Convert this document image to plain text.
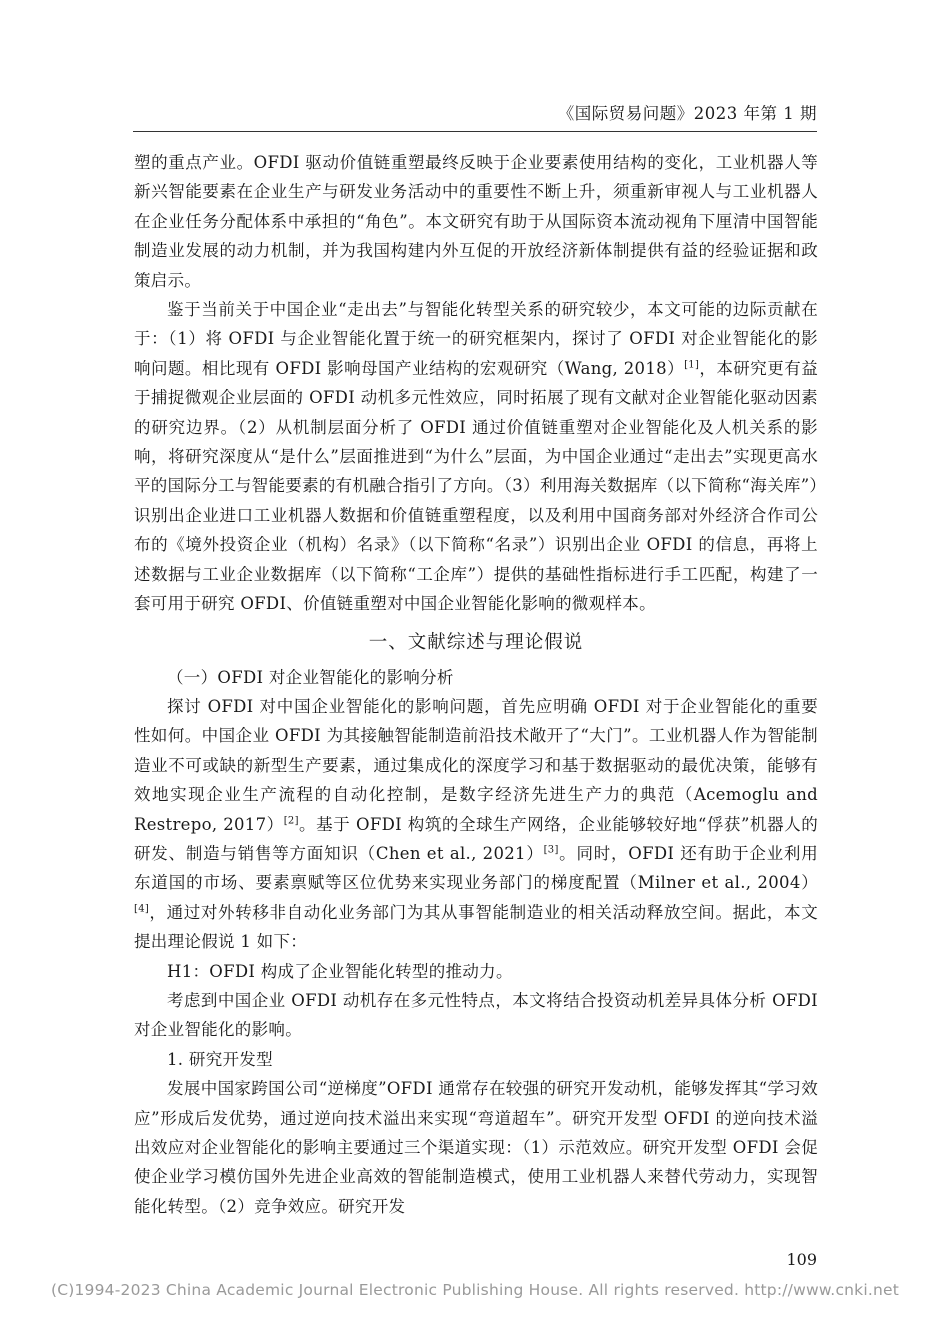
《国际贸易问题》2023 年第 1 期

塑的重点产业。OFDI 驱动价值链重塑最终反映于企业要素使用结构的变化，工业机器人等新兴智能要素在企业生产与研发业务活动中的重要性不断上升，须重新审视人与工业机器人在企业任务分配体系中承担的“角色”。本文研究有助于从国际资本流动视角下厘清中国智能制造业发展的动力机制，并为我国构建内外互促的开放经济新体制提供有益的经验证据和政策启示。

鉴于当前关于中国企业“走出去”与智能化转型关系的研究较少，本文可能的边际贡献在于：（1）将 OFDI 与企业智能化置于统一的研究框架内，探讨了 OFDI 对企业智能化的影响问题。相比现有 OFDI 影响母国产业结构的宏观研究（Wang, 2018）[1]，本研究更有益于捕捉微观企业层面的 OFDI 动机多元性效应，同时拓展了现有文献对企业智能化驱动因素的研究边界。（2）从机制层面分析了 OFDI 通过价值链重塑对企业智能化及人机关系的影响，将研究深度从“是什么”层面推进到“为什么”层面，为中国企业通过“走出去”实现更高水平的国际分工与智能要素的有机融合指引了方向。（3）利用海关数据库（以下简称“海关库”）识别出企业进口工业机器人数据和价值链重塑程度，以及利用中国商务部对外经济合作司公布的《境外投资企业（机构）名录》（以下简称“名录”）识别出企业 OFDI 的信息，再将上述数据与工业企业数据库（以下简称“工企库”）提供的基础性指标进行手工匹配，构建了一套可用于研究 OFDI、价值链重塑对中国企业智能化影响的微观样本。

一、文献综述与理论假说

（一）OFDI 对企业智能化的影响分析

探讨 OFDI 对中国企业智能化的影响问题，首先应明确 OFDI 对于企业智能化的重要性如何。中国企业 OFDI 为其接触智能制造前沿技术敞开了“大门”。工业机器人作为智能制造业不可或缺的新型生产要素，通过集成化的深度学习和基于数据驱动的最优决策，能够有效地实现企业生产流程的自动化控制，是数字经济先进生产力的典范（Acemoglu and Restrepo, 2017）[2]。基于 OFDI 构筑的全球生产网络，企业能够较好地“俘获”机器人的研发、制造与销售等方面知识（Chen et al., 2021）[3]。同时，OFDI 还有助于企业利用东道国的市场、要素禀赋等区位优势来实现业务部门的梯度配置（Milner et al., 2004）[4]，通过对外转移非自动化业务部门为其从事智能制造业的相关活动释放空间。据此，本文提出理论假说 1 如下：

H1：OFDI 构成了企业智能化转型的推动力。

考虑到中国企业 OFDI 动机存在多元性特点，本文将结合投资动机差异具体分析 OFDI 对企业智能化的影响。

1. 研究开发型

发展中国家跨国公司“逆梯度”OFDI 通常存在较强的研究开发动机，能够发挥其“学习效应”形成后发优势，通过逆向技术溢出来实现“弯道超车”。研究开发型 OFDI 的逆向技术溢出效应对企业智能化的影响主要通过三个渠道实现：（1）示范效应。研究开发型 OFDI 会促使企业学习模仿国外先进企业高效的智能制造模式，使用工业机器人来替代劳动力，实现智能化转型。（2）竞争效应。研究开发

109
(C)1994-2023 China Academic Journal Electronic Publishing House. All rights reserved. http://www.cnki.net
